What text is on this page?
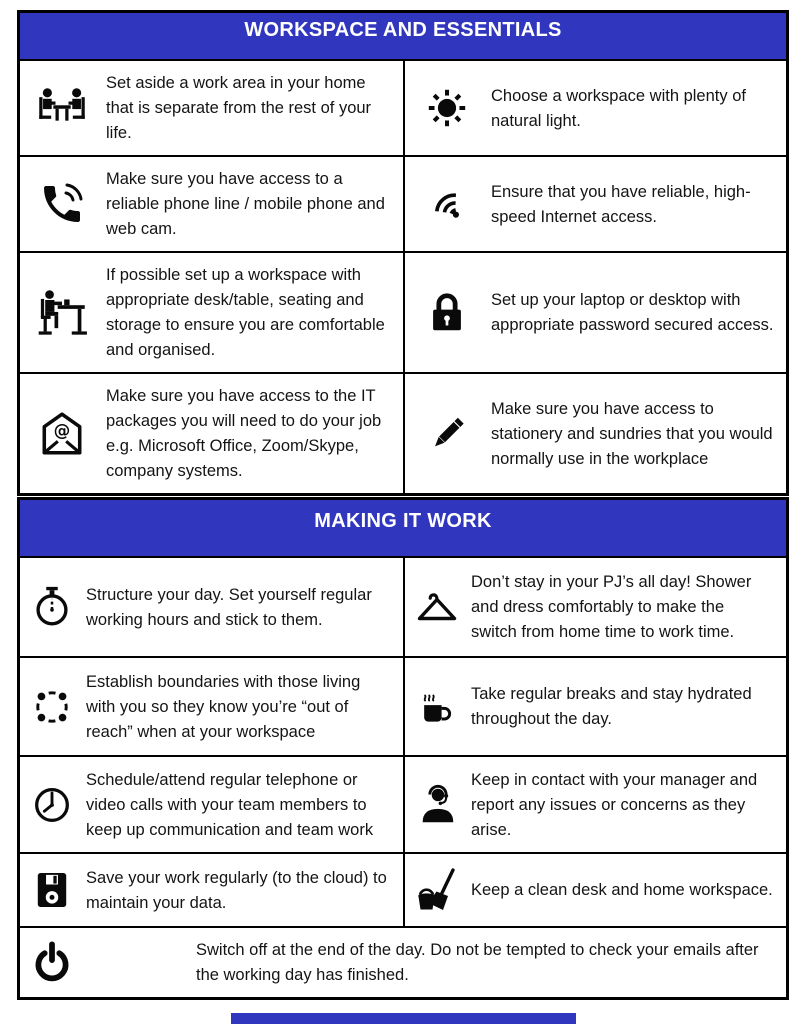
WORKSPACE AND ESSENTIALS
Set aside a work area in your home that is separate from the rest of your life.
Choose a workspace with plenty of natural light.
Make sure you have access to a reliable phone line / mobile phone and web cam.
Ensure that you have reliable, high-speed Internet access.
If possible set up a workspace with appropriate desk/table, seating and storage to ensure you are comfortable and organised.
Set up your laptop or desktop with appropriate password secured access.
@
Make sure you have access to the IT packages you will need to do your job e.g. Microsoft Office, Zoom/Skype, company systems.
Make sure you have access to stationery and sundries that you would normally use in the workplace
MAKING IT WORK
Structure your day. Set yourself regular working hours and stick to them.
Don’t stay in your PJ’s all day! Shower and dress comfortably to make the switch from home time to work time.
Establish boundaries with those living with you so they know you’re “out of reach” when at your workspace
Take regular breaks and stay hydrated throughout the day.
Schedule/attend regular telephone or video calls with your team members to keep up communication and team work
Keep in contact with your manager and report any issues or concerns as they arise.
Save your work regularly (to the cloud) to maintain your data.
Keep a clean desk and home workspace.
Switch off at the end of the day. Do not be tempted to check your emails after the working day has finished.
